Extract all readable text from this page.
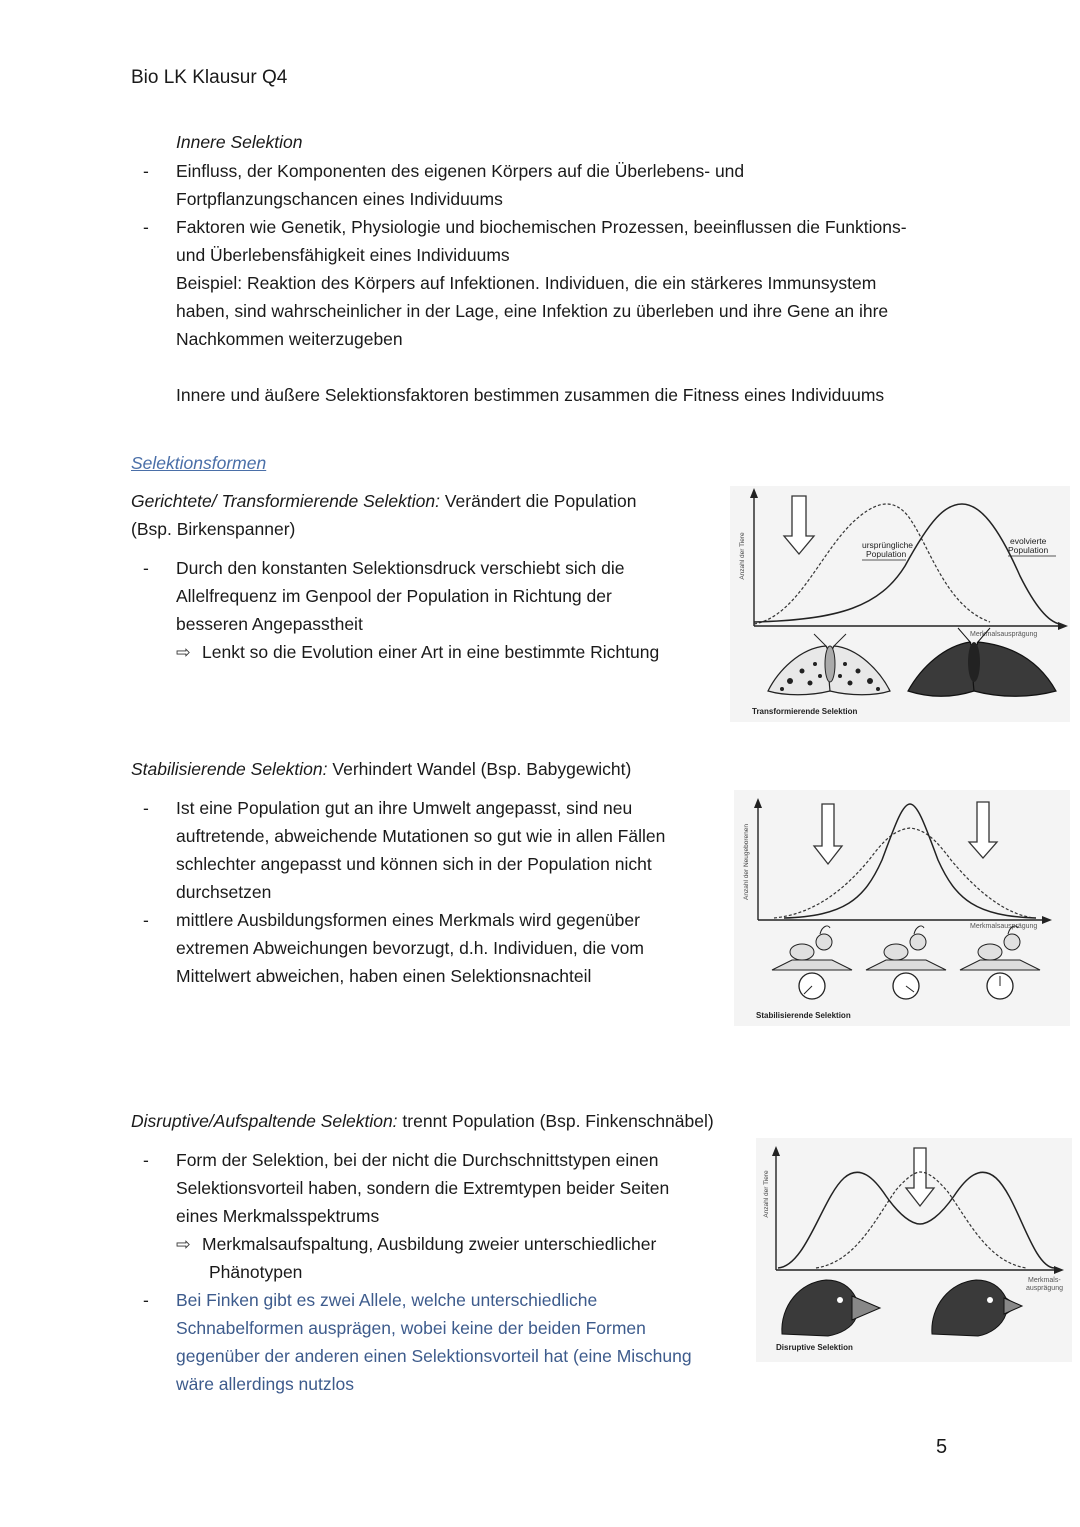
Bio LK Klausur Q4
Innere Selektion
- Einfluss, der Komponenten des eigenen Körpers auf die Überlebens- und
Fortpflanzungschancen eines Individuums
- Faktoren wie Genetik, Physiologie und biochemischen Prozessen, beeinflussen die Funktions-
und Überlebensfähigkeit eines Individuums
Beispiel: Reaktion des Körpers auf Infektionen. Individuen, die ein stärkeres Immunsystem
haben, sind wahrscheinlicher in der Lage, eine Infektion zu überleben und ihre Gene an ihre
Nachkommen weiterzugeben
Innere und äußere Selektionsfaktoren bestimmen zusammen die Fitness eines Individuums
Selektionsformen
Gerichtete/ Transformierende Selektion: Verändert die Population
(Bsp. Birkenspanner)
- Durch den konstanten Selektionsdruck verschiebt sich die
Allelfrequenz im Genpool der Population in Richtung der
besseren Angepasstheit
⇨ Lenkt so die Evolution einer Art in eine bestimmte Richtung
Anzahl der Tiere	ursprüngliche
Population
evolvierte
Population
Merkmalsausprägung
Transformierende Selektion
Stabilisierende Selektion: Verhindert Wandel (Bsp. Babygewicht)
- Ist eine Population gut an ihre Umwelt angepasst, sind neu
auftretende, abweichende Mutationen so gut wie in allen Fällen
schlechter angepasst und können sich in der Population nicht
durchsetzen
- mittlere Ausbildungsformen eines Merkmals wird gegenüber
extremen Abweichungen bevorzugt, d.h. Individuen, die vom
Mittelwert abweichen, haben einen Selektionsnachteil
Anzahl der Neugeborenen
Merkmalsausprägung
Stabilisierende Selektion
Disruptive/Aufspaltende Selektion: trennt Population (Bsp. Finkenschnäbel)
- Form der Selektion, bei der nicht die Durchschnittstypen einen
Selektionsvorteil haben, sondern die Extremtypen beider Seiten
eines Merkmalsspektrums
⇨ Merkmalsaufspaltung, Ausbildung zweier unterschiedlicher
Phänotypen
- Bei Finken gibt es zwei Allele, welche unterschiedliche
Schnabelformen ausprägen, wobei keine der beiden Formen
gegenüber der anderen einen Selektionsvorteil hat (eine Mischung
wäre allerdings nutzlos
Anzahl der Tiere
Merkmals-
ausprägung
Disruptive Selektion
5
